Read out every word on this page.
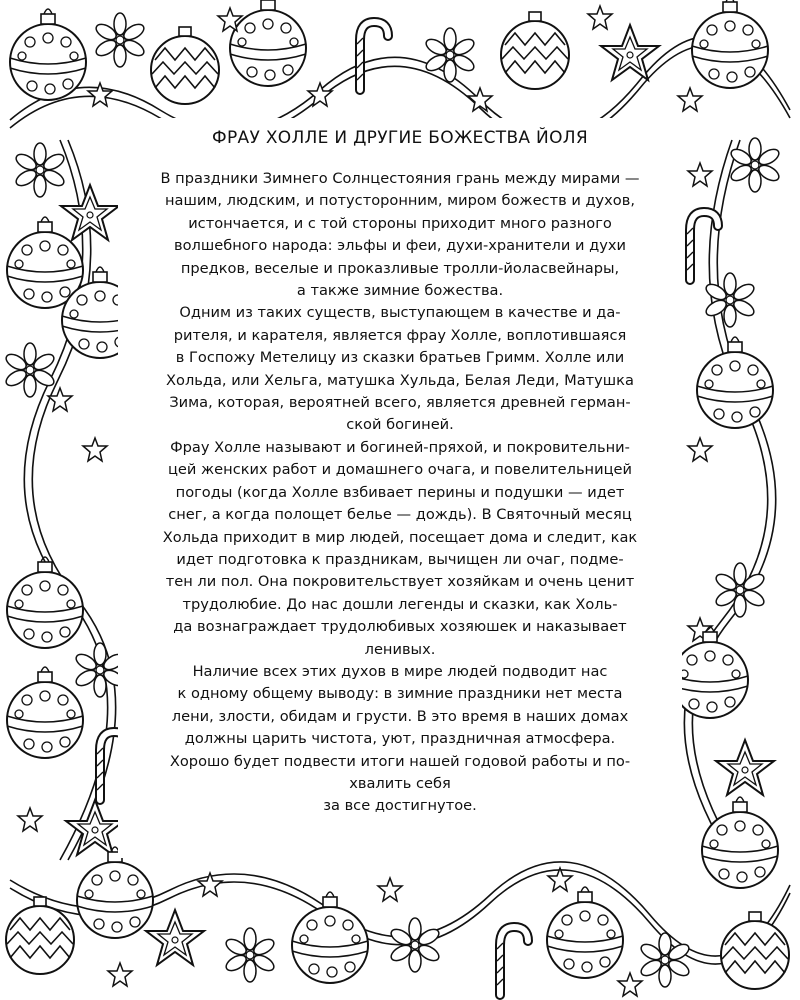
ФРАУ ХОЛЛЕ И ДРУГИЕ БОЖЕСТВА ЙОЛЯ
В праздники Зимнего Солнцестояния грань между мирами —
нашим, людским, и потусторонним, миром божеств и духов,
истончается, и с той стороны приходит много разного
волшебного народа: эльфы и феи, духи-хранители и духи
предков, веселые и проказливые тролли-йоласвейнары,
а также зимние божества.
Одним из таких существ, выступающем в качестве и да-
рителя, и карателя, является фрау Холле, воплотившаяся
в Госпожу Метелицу из сказки братьев Гримм. Холле или
Хольда, или Хельга, матушка Хульда, Белая Леди, Матушка
Зима, которая, вероятней всего, является древней герман-
ской богиней.
Фрау Холле называют и богиней-пряхой, и покровительни-
цей женских работ и домашнего очага, и повелительницей
погоды (когда Холле взбивает перины и подушки — идет
снег, а когда полощет белье — дождь). В Святочный месяц
Хольда приходит в мир людей, посещает дома и следит, как
идет подготовка к праздникам, вычищен ли очаг, подме-
тен ли пол. Она покровительствует хозяйкам и очень ценит
трудолюбие. До нас дошли легенды и сказки, как Холь-
да вознаграждает трудолюбивых хозяюшек и наказывает
ленивых.
Наличие всех этих духов в мире людей подводит нас
к одному общему выводу: в зимние праздники нет места
лени, злости, обидам и грусти. В это время в наших домах
должны царить чистота, уют, праздничная атмосфера.
Хорошо будет подвести итоги нашей годовой работы и по-
хвалить себя
за все достигнутое.
